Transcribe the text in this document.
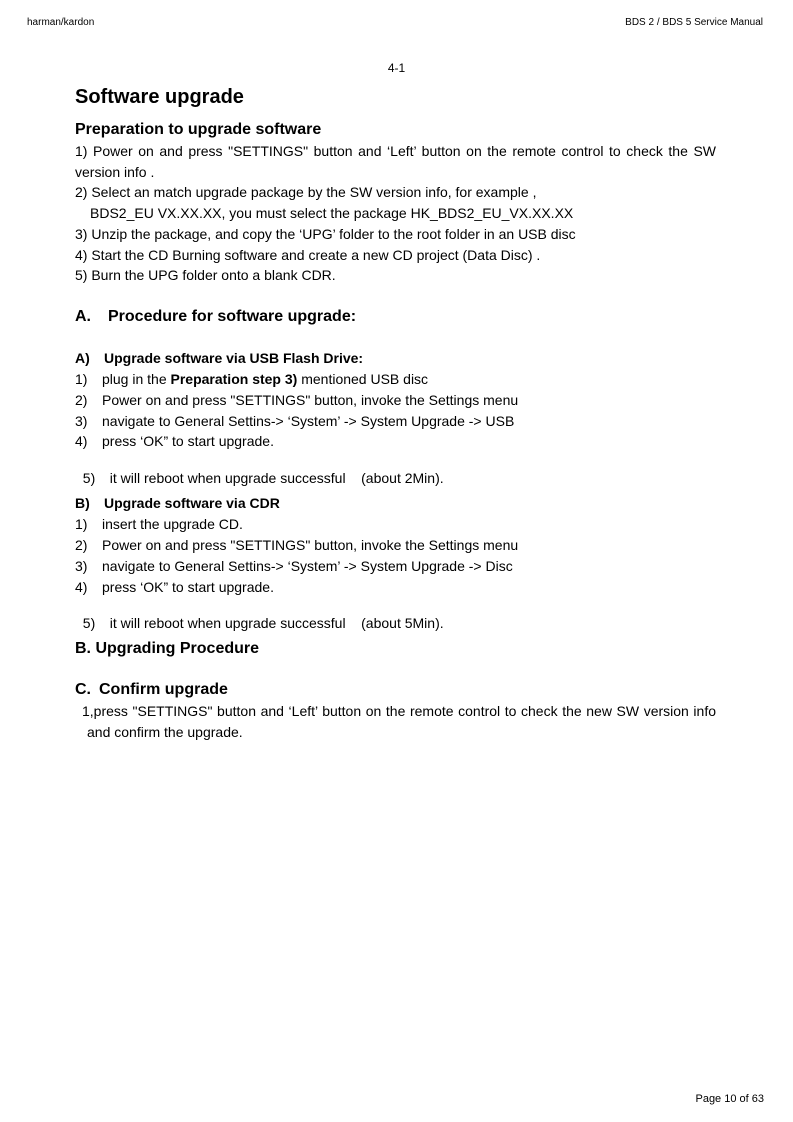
harman/kardon	BDS 2 / BDS 5 Service Manual
4-1
Software upgrade
Preparation to upgrade software
1) Power on and press "SETTINGS" button and ‘Left’ button on the remote control to check the SW
version info .
2) Select an match upgrade package by the SW version info, for example ,
BDS2_EU VX.XX.XX, you must select the package HK_BDS2_EU_VX.XX.XX
3) Unzip the package, and copy the ‘UPG’ folder to the root folder in an USB disc
4) Start the CD Burning software and create a new CD project (Data Disc) .
5) Burn the UPG folder onto a blank CDR.
A. Procedure for software upgrade:
A) Upgrade software via USB Flash Drive:
1) plug in the Preparation step 3) mentioned USB disc
2) Power on and press "SETTINGS" button, invoke the Settings menu
3) navigate to General Settins-> ‘System’ -> System Upgrade -> USB
4) press ‘OK” to start upgrade.

5) it will reboot when upgrade successful    (about 2Min).

B) Upgrade software via CDR
1) insert the upgrade CD.
2) Power on and press "SETTINGS" button, invoke the Settings menu
3) navigate to General Settins-> ‘System’ -> System Upgrade -> Disc
4) press ‘OK” to start upgrade.

5) it will reboot when upgrade successful    (about 5Min).

B. Upgrading Procedure
C. Confirm upgrade
1,press "SETTINGS" button and ‘Left’ button on the remote control to check the new SW version info
and confirm the upgrade.
Page 10 of 63
